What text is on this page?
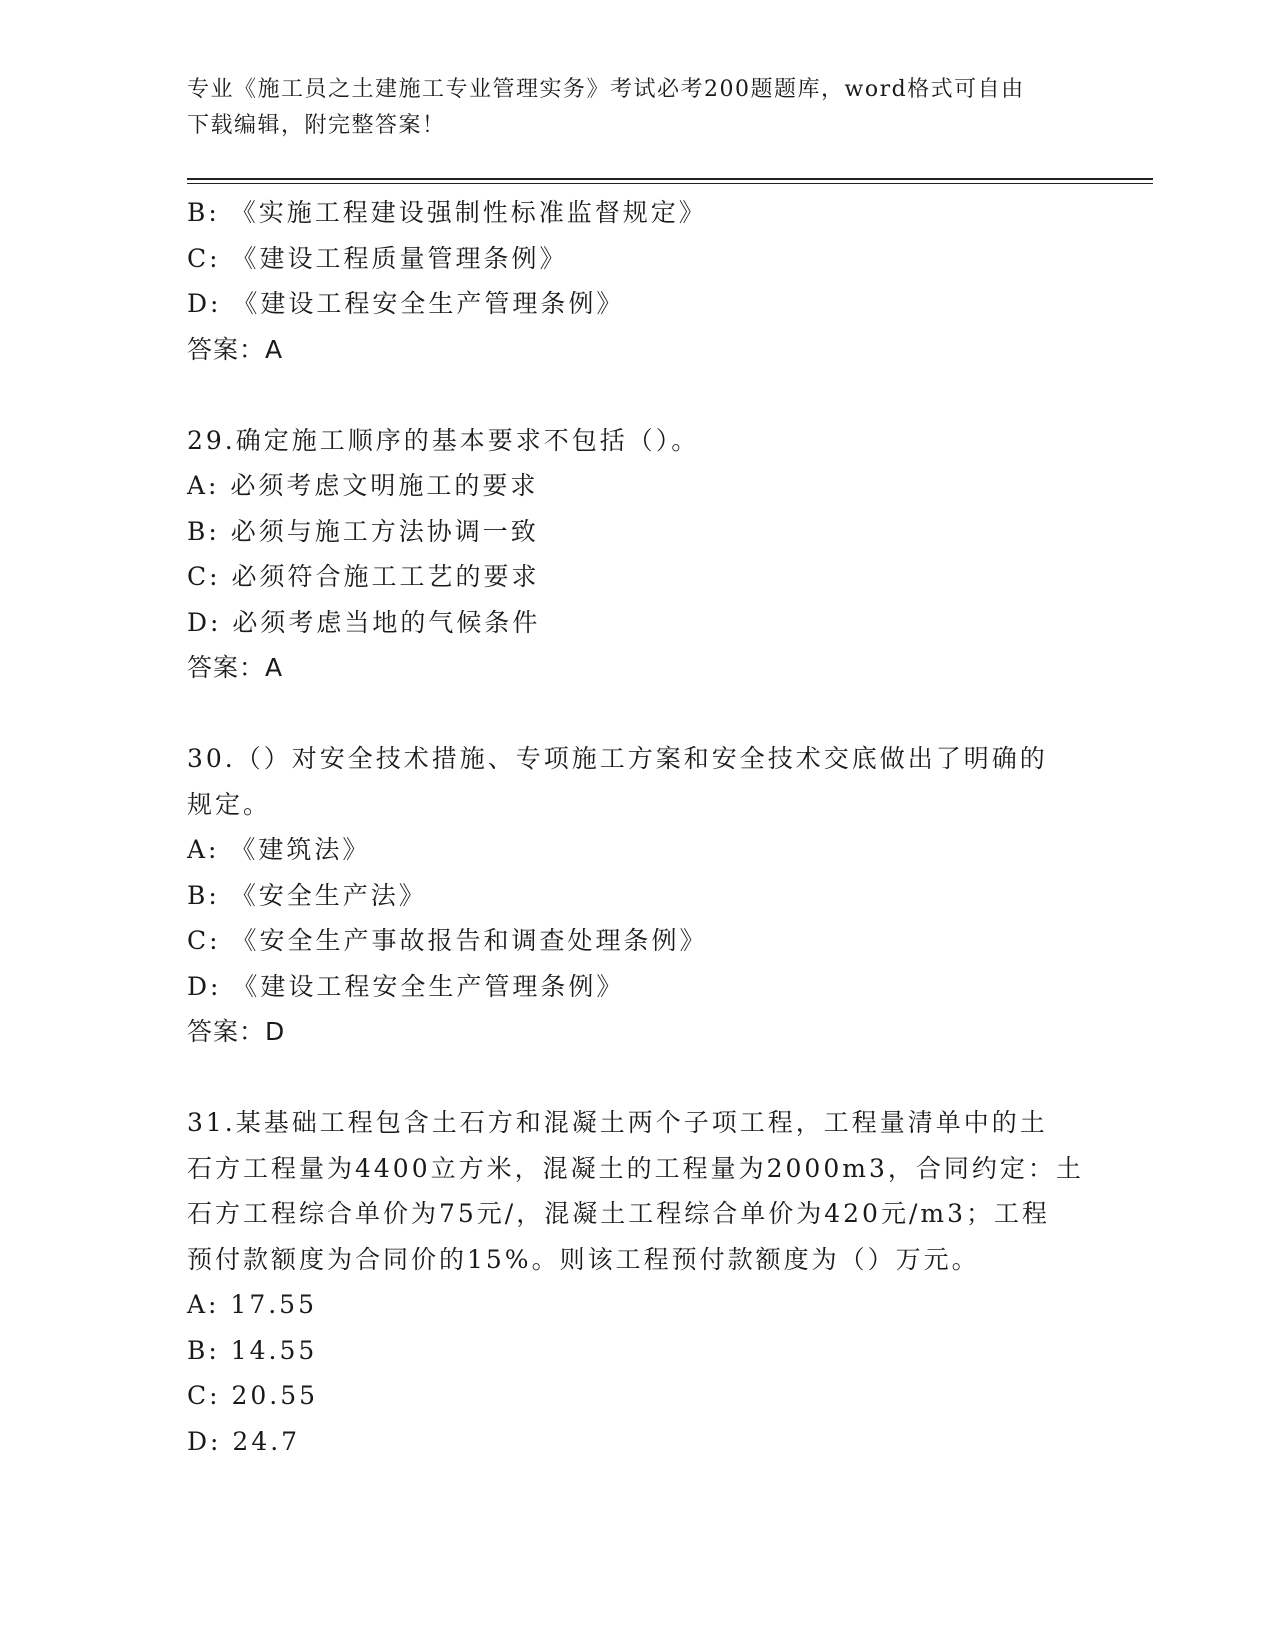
专业《施工员之土建施工专业管理实务》考试必考200题题库，word格式可自由
下载编辑，附完整答案！
B: 《实施工程建设强制性标准监督规定》
C: 《建设工程质量管理条例》
D: 《建设工程安全生产管理条例》
答案：A
29.确定施工顺序的基本要求不包括（）。
A: 必须考虑文明施工的要求
B: 必须与施工方法协调一致
C: 必须符合施工工艺的要求
D: 必须考虑当地的气候条件
答案：A
30.（）对安全技术措施、专项施工方案和安全技术交底做出了明确的
规定。
A: 《建筑法》
B: 《安全生产法》
C: 《安全生产事故报告和调查处理条例》
D: 《建设工程安全生产管理条例》
答案：D
31.某基础工程包含土石方和混凝土两个子项工程，工程量清单中的土
石方工程量为4400立方米，混凝土的工程量为2000m3，合同约定：土
石方工程综合单价为75元/，混凝土工程综合单价为420元/m3；工程
预付款额度为合同价的15%。则该工程预付款额度为（）万元。
A: 17.55
B: 14.55
C: 20.55
D: 24.7
